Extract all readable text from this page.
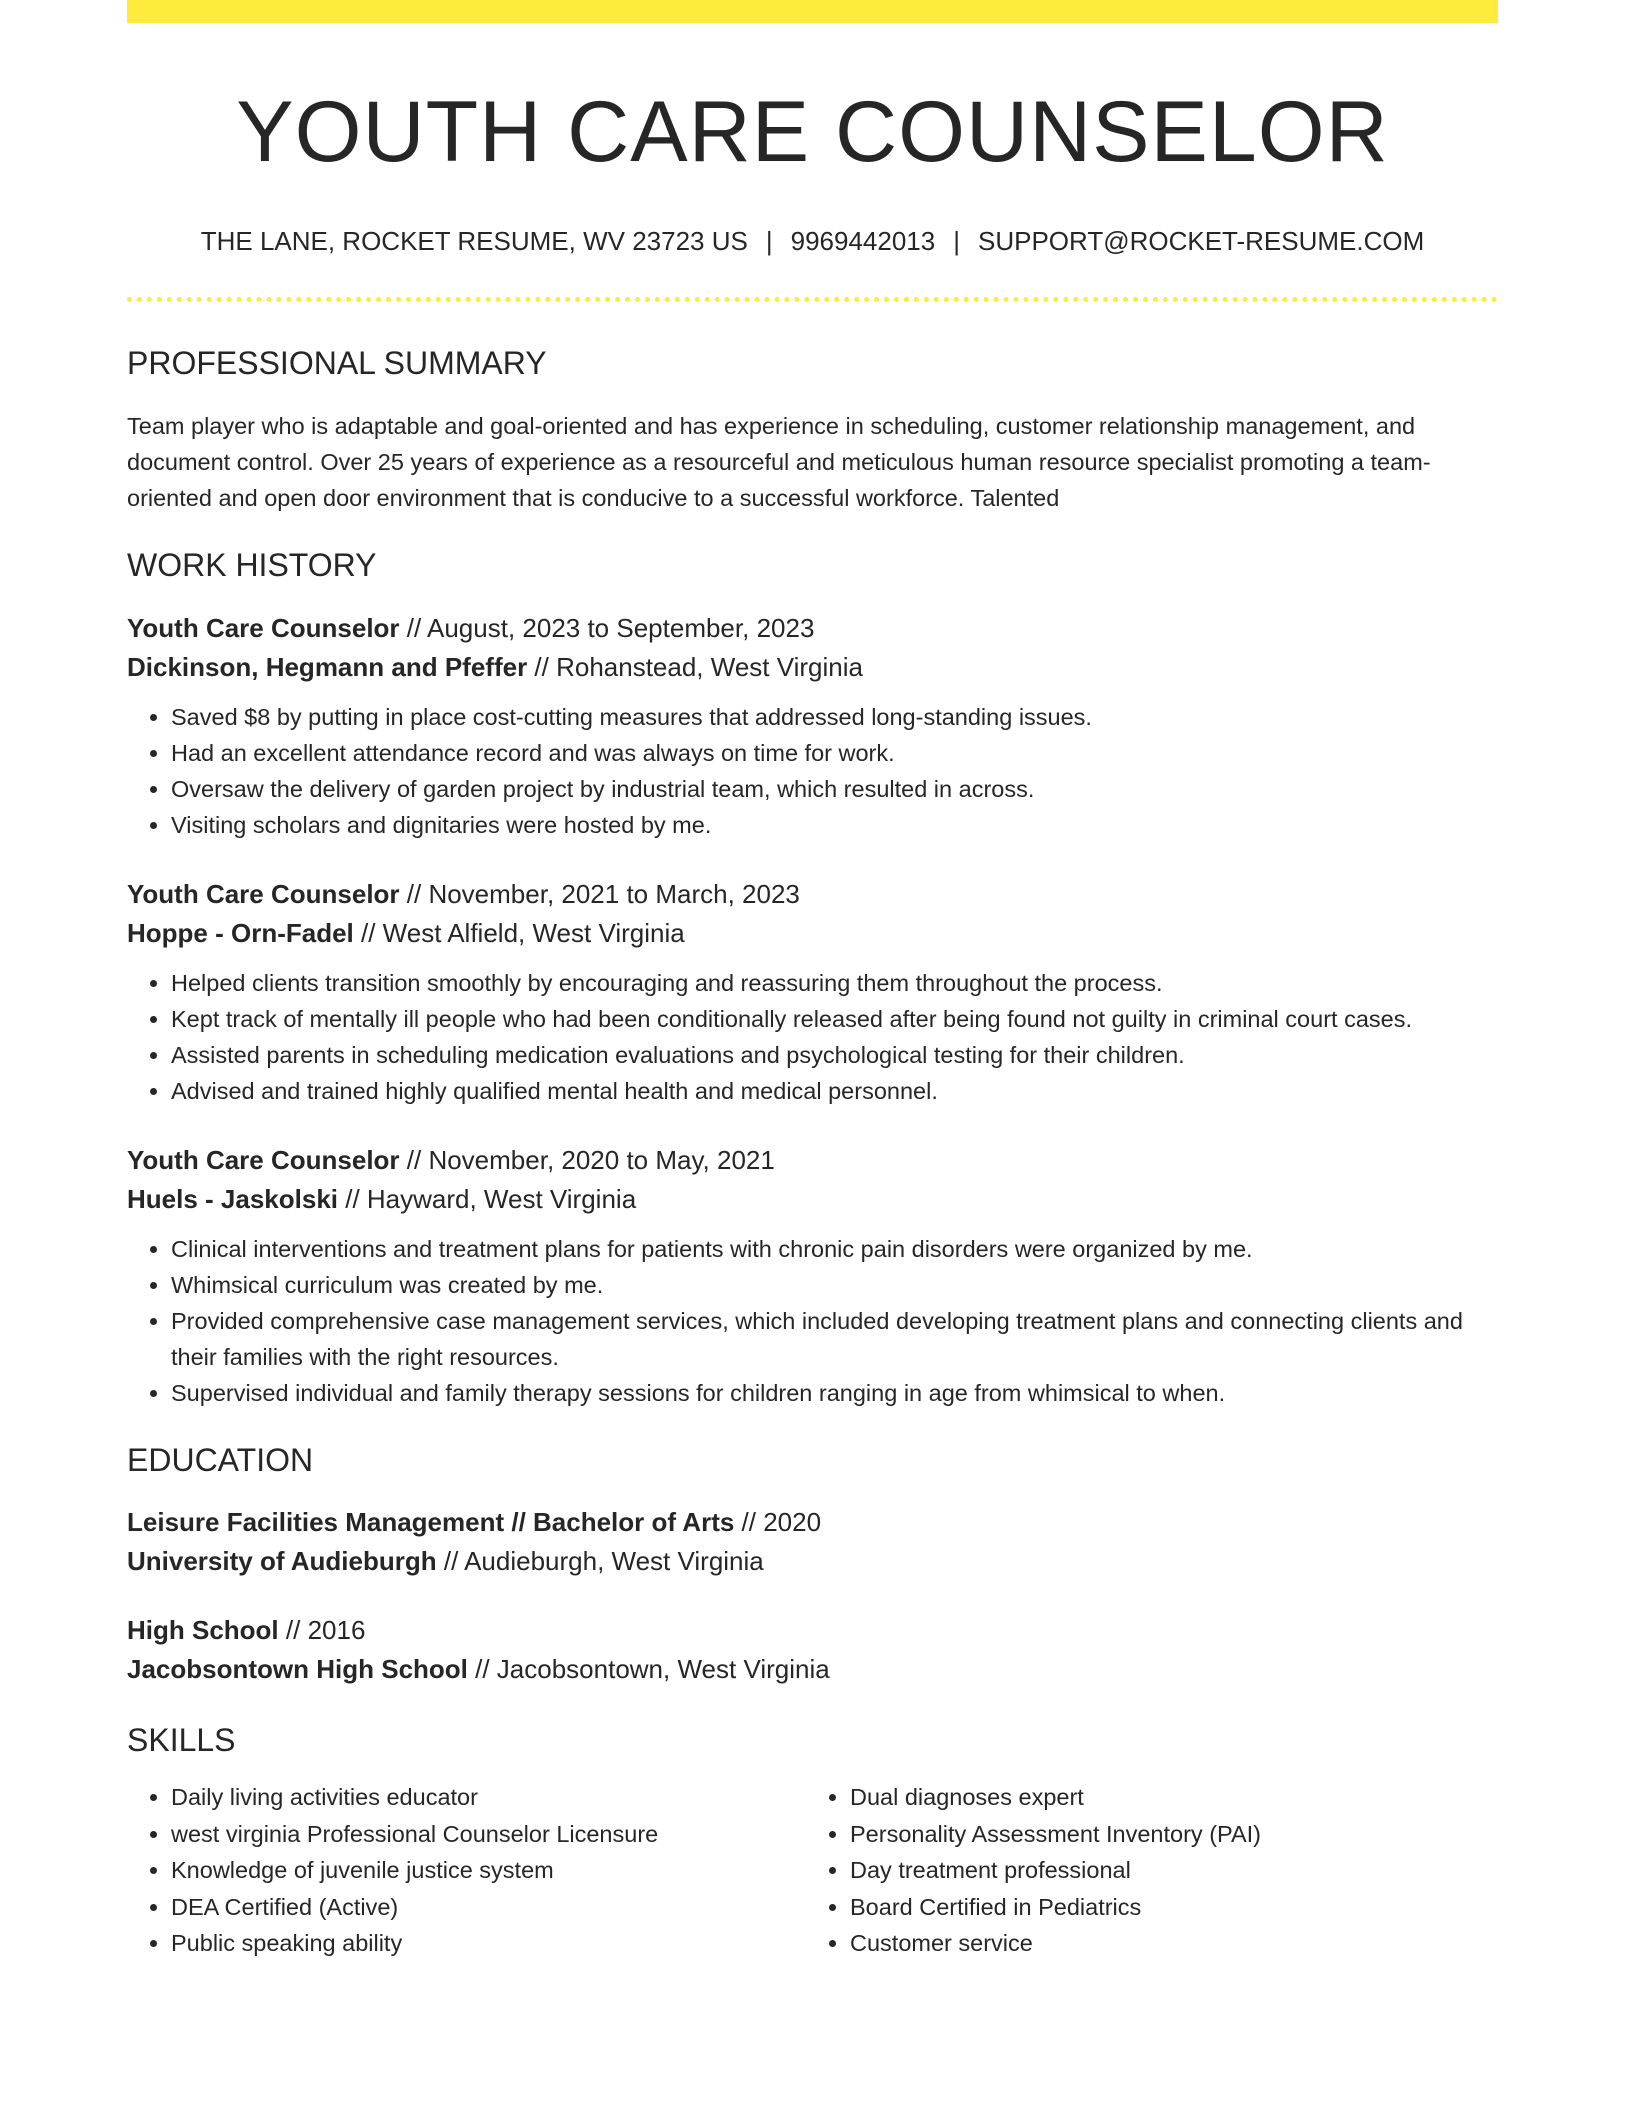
YOUTH CARE COUNSELOR
THE LANE, ROCKET RESUME, WV 23723 US | 9969442013 | SUPPORT@ROCKET-RESUME.COM
PROFESSIONAL SUMMARY
Team player who is adaptable and goal-oriented and has experience in scheduling, customer relationship management, and document control. Over 25 years of experience as a resourceful and meticulous human resource specialist promoting a team-oriented and open door environment that is conducive to a successful workforce. Talented
WORK HISTORY
Youth Care Counselor // August, 2023 to September, 2023
Dickinson, Hegmann and Pfeffer // Rohanstead, West Virginia
• Saved $8 by putting in place cost-cutting measures that addressed long-standing issues.
• Had an excellent attendance record and was always on time for work.
• Oversaw the delivery of garden project by industrial team, which resulted in across.
• Visiting scholars and dignitaries were hosted by me.
Youth Care Counselor // November, 2021 to March, 2023
Hoppe - Orn-Fadel // West Alfield, West Virginia
• Helped clients transition smoothly by encouraging and reassuring them throughout the process.
• Kept track of mentally ill people who had been conditionally released after being found not guilty in criminal court cases.
• Assisted parents in scheduling medication evaluations and psychological testing for their children.
• Advised and trained highly qualified mental health and medical personnel.
Youth Care Counselor // November, 2020 to May, 2021
Huels - Jaskolski // Hayward, West Virginia
• Clinical interventions and treatment plans for patients with chronic pain disorders were organized by me.
• Whimsical curriculum was created by me.
• Provided comprehensive case management services, which included developing treatment plans and connecting clients and their families with the right resources.
• Supervised individual and family therapy sessions for children ranging in age from whimsical to when.
EDUCATION
Leisure Facilities Management // Bachelor of Arts // 2020
University of Audieburgh // Audieburgh, West Virginia
High School // 2016
Jacobsontown High School // Jacobsontown, West Virginia
SKILLS
• Daily living activities educator
• west virginia Professional Counselor Licensure
• Knowledge of juvenile justice system
• DEA Certified (Active)
• Public speaking ability
• Dual diagnoses expert
• Personality Assessment Inventory (PAI)
• Day treatment professional
• Board Certified in Pediatrics
• Customer service
